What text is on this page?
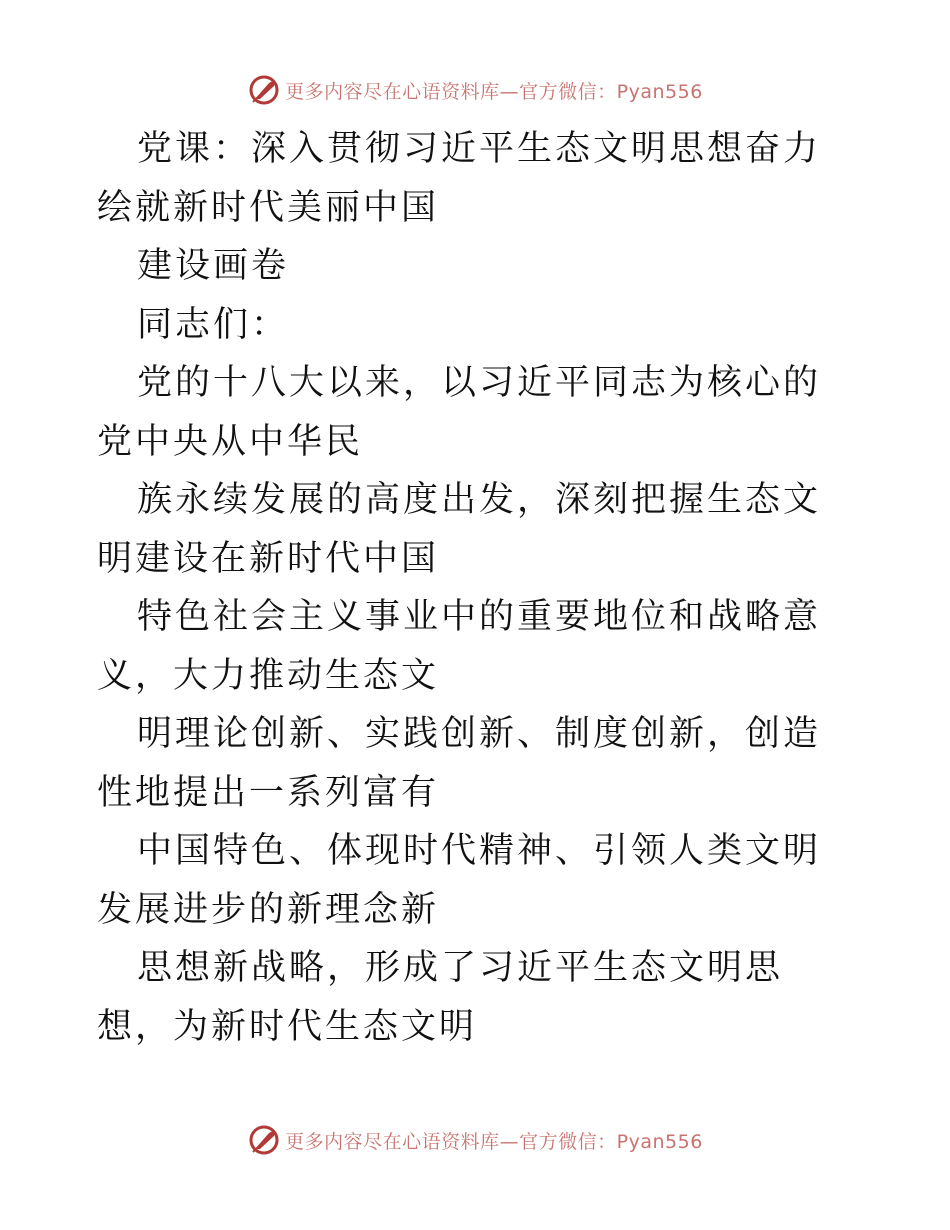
更多内容尽在心语资料库—官方微信：Pyan556

党课：深入贯彻习近平生态文明思想奋力绘就新时代美丽中国

建设画卷

同志们：

党的十八大以来，以习近平同志为核心的党中央从中华民

族永续发展的高度出发，深刻把握生态文明建设在新时代中国

特色社会主义事业中的重要地位和战略意义，大力推动生态文

明理论创新、实践创新、制度创新，创造性地提出一系列富有

中国特色、体现时代精神、引领人类文明发展进步的新理念新

思想新战略，形成了习近平生态文明思想，为新时代生态文明

更多内容尽在心语资料库—官方微信：Pyan556
